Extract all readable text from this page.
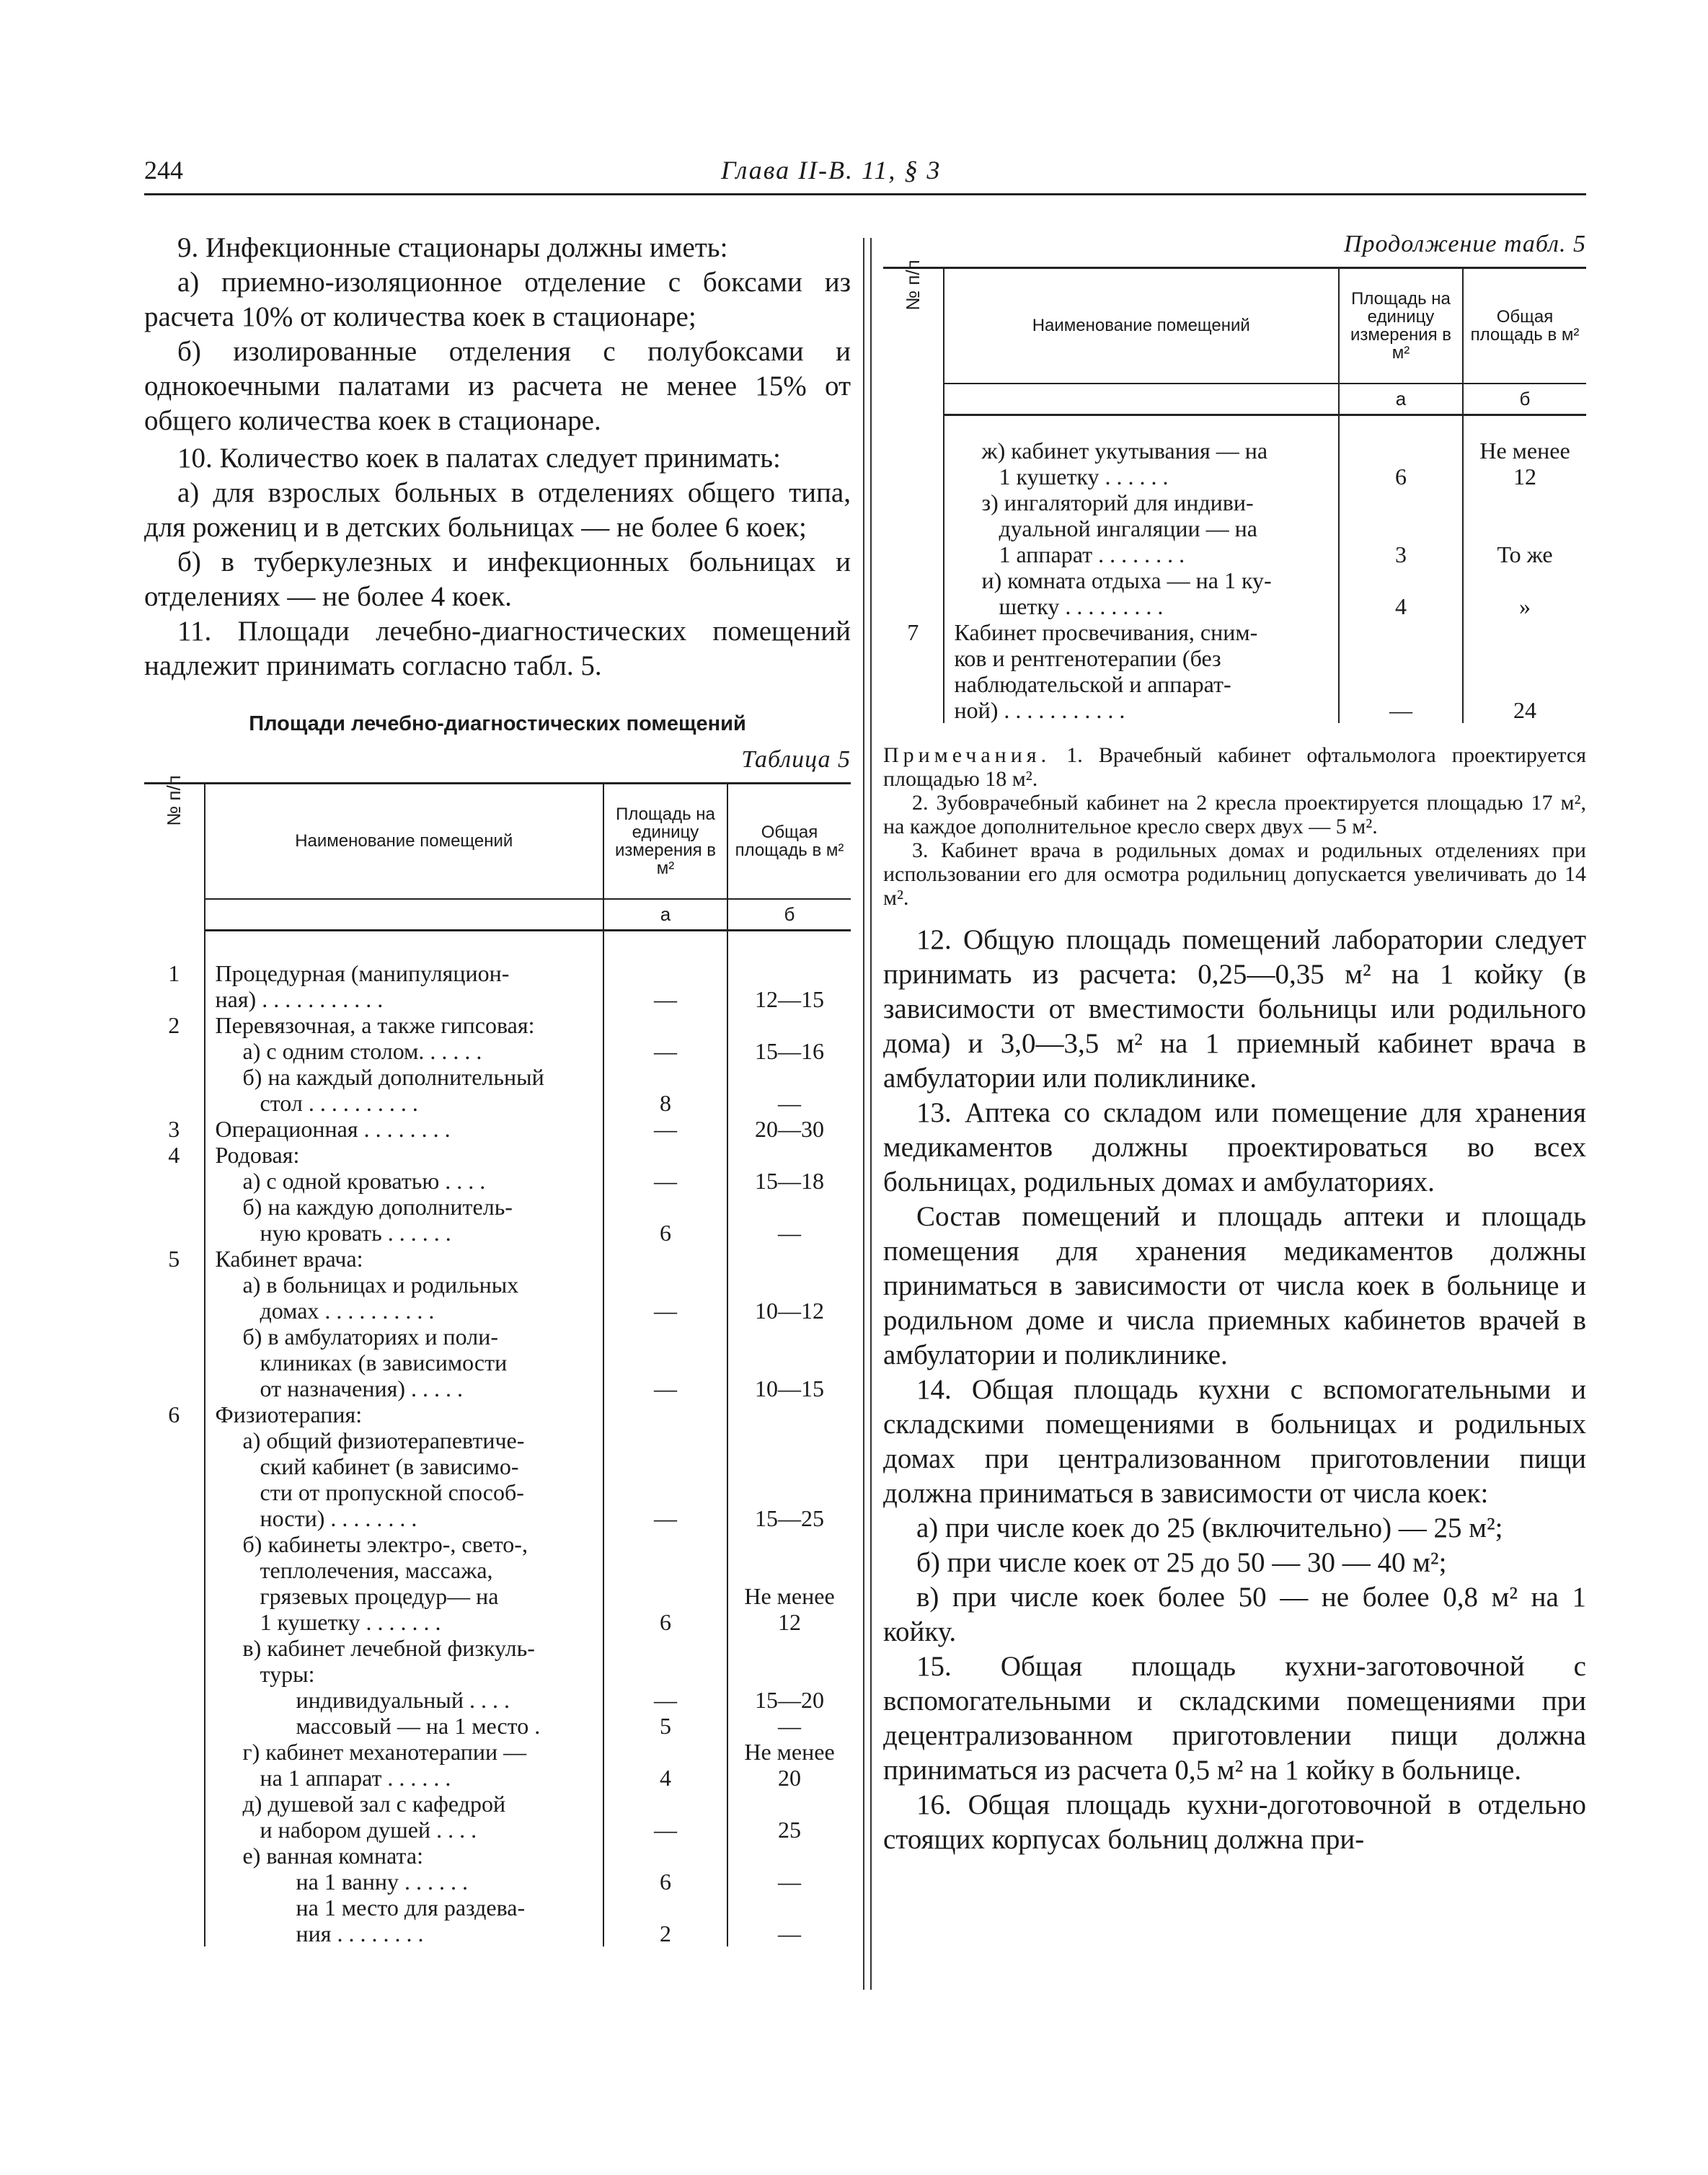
244	Глава II-В. 11, § 3

9. Инфекционные стационары должны иметь:

а) приемно-изоляционное отделение с боксами из расчета 10% от количества коек в стационаре;

б) изолированные отделения с полубоксами и однокоечными палатами из расчета не менее 15% от общего количества коек в стационаре.

10. Количество коек в палатах следует принимать:

а) для взрослых больных в отделениях общего типа, для рожениц и в детских больницах — не более 6 коек;

б) в туберкулезных и инфекционных больницах и отделениях — не более 4 коек.

11. Площади лечебно-диагностических помещений надлежит принимать согласно табл. 5.

Площади лечебно-диагностических помещений
Таблица 5
№ п/п	Наименование помещений	Площадь на единицу измерения в м²	Общая площадь в м²
		а	б

1	Процедурная (манипуляцион-		

	ная) . . . . . . . . . . .	—	12—15
2	Перевязочная, а также гипсовая:		

	а) с одним столом. . . . . .	—	15—16

	б) на каждый дополнительный		

	стол . . . . . . . . . .	8	—
3	Операционная . . . . . . . .	—	20—30
4	Родовая:		

	а) с одной кроватью . . . .	—	15—18

	б) на каждую дополнитель-		

	ную кровать . . . . . .	6	—
5	Кабинет врача:		

	а) в больницах и родильных		

	домах . . . . . . . . . .	—	10—12

	б) в амбулаториях и поли-		

	клиниках (в зависимости		

	от назначения) . . . . .	—	10—15
6	Физиотерапия:		

	а) общий физиотерапевтиче-		

	ский кабинет (в зависимо-		

	сти от пропускной способ-		

	ности) . . . . . . . .	—	15—25

	б) кабинеты электро-, свето-,		

	теплолечения, массажа,		

	грязевых процедур— на		Не менее

	1 кушетку . . . . . . .	6	12

	в) кабинет лечебной физкуль-		

	туры:		

	индивидуальный . . . .	—	15—20

	массовый — на 1 место .	5	—

	г) кабинет механотерапии —		Не менее

	на 1 аппарат . . . . . .	4	20

	д) душевой зал с кафедрой		

	и набором душей . . . .	—	25

	е) ванная комната:		

	на 1 ванну . . . . . .	6	—

	на 1 место для раздева-		

	ния . . . . . . . .	2	—
Продолжение табл. 5
№ п/п	Наименование помещений	Площадь на единицу измерения в м²	Общая площадь в м²
		а	б

	ж) кабинет укутывания — на		Не менее

	1 кушетку . . . . . .	6	12

	з) ингаляторий для индиви-		

	дуальной ингаляции — на		

	1 аппарат . . . . . . . .	3	То же

	и) комната отдыха — на 1 ку-		

	шетку . . . . . . . . .	4	»
7	Кабинет просвечивания, сним-		

	ков и рентгенотерапии (без		

	наблюдательской и аппарат-		

	ной) . . . . . . . . . . .	—	24

Примечания. 1. Врачебный кабинет офтальмолога проектируется площадью 18 м².

2. Зубоврачебный кабинет на 2 кресла проектируется площадью 17 м², на каждое дополнительное кресло сверх двух — 5 м².

3. Кабинет врача в родильных домах и родильных отделениях при использовании его для осмотра родильниц допускается увеличивать до 14 м².

12. Общую площадь помещений лаборатории следует принимать из расчета: 0,25—0,35 м² на 1 койку (в зависимости от вместимости больницы или родильного дома) и 3,0—3,5 м² на 1 приемный кабинет врача в амбулатории или поликлинике.

13. Аптека со складом или помещение для хранения медикаментов должны проектироваться во всех больницах, родильных домах и амбулаториях.

Состав помещений и площадь аптеки и площадь помещения для хранения медикаментов должны приниматься в зависимости от числа коек в больнице и родильном доме и числа приемных кабинетов врачей в амбулатории и поликлинике.

14. Общая площадь кухни с вспомогательными и складскими помещениями в больницах и родильных домах при централизованном приготовлении пищи должна приниматься в зависимости от числа коек:

а) при числе коек до 25 (включительно) — 25 м²;

б) при числе коек от 25 до 50 — 30 — 40 м²;

в) при числе коек более 50 — не более 0,8 м² на 1 койку.

15. Общая площадь кухни-заготовочной с вспомогательными и складскими помещениями при децентрализованном приготовлении пищи должна приниматься из расчета 0,5 м² на 1 койку в больнице.

16. Общая площадь кухни-доготовочной в отдельно стоящих корпусах больниц должна при-
